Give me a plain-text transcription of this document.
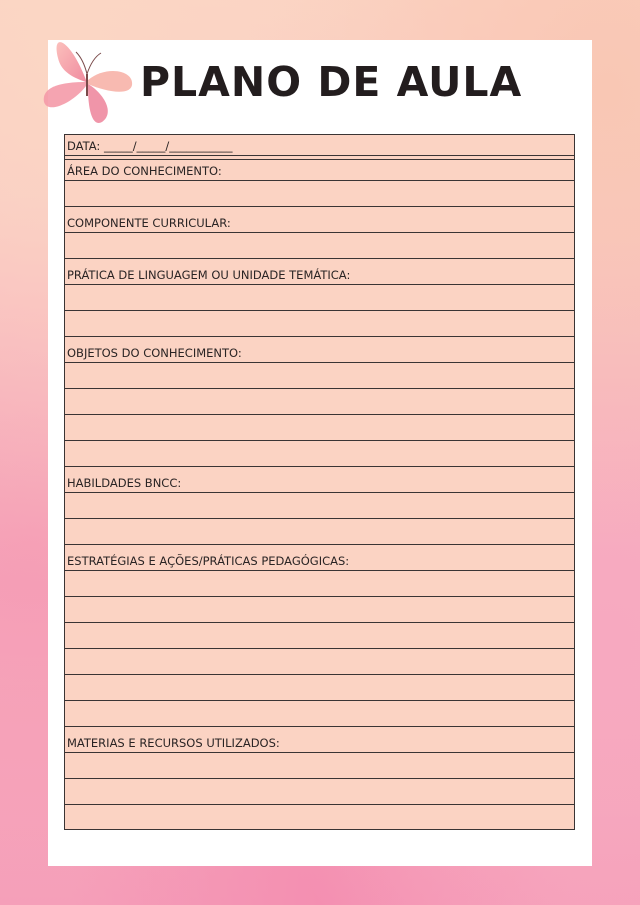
PLANO DE AULA
DATA: _____/_____/___________
ÁREA DO CONHECIMENTO:
COMPONENTE CURRICULAR:
PRÁTICA DE LINGUAGEM OU UNIDADE TEMÁTICA:
OBJETOS DO CONHECIMENTO:
HABILDADES BNCC:
ESTRATÉGIAS E AÇÕES/PRÁTICAS PEDAGÓGICAS:
MATERIAS E RECURSOS UTILIZADOS:
